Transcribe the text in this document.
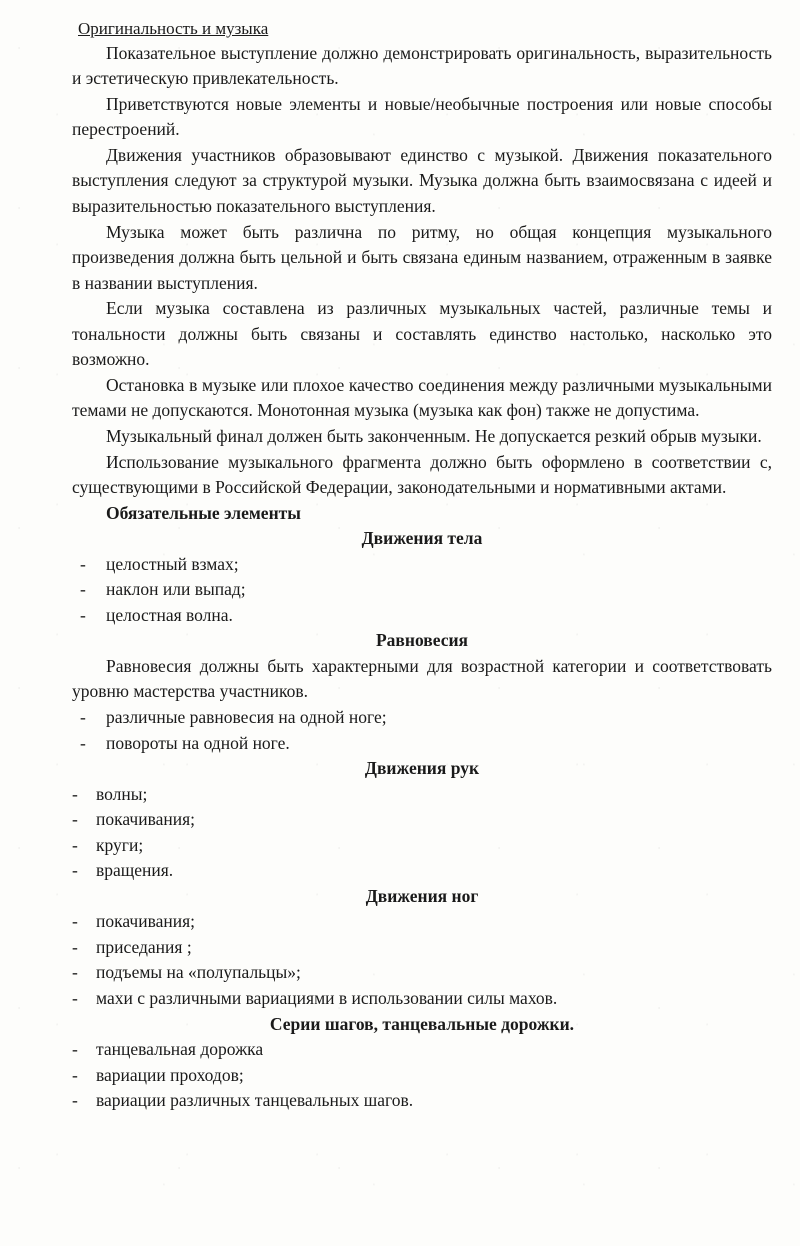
Оригинальность и музыка

Показательное выступление должно демонстрировать оригинальность, выразительность и эстетическую привлекательность.

Приветствуются новые элементы и новые/необычные построения или новые способы перестроений.

Движения участников образовывают единство с музыкой. Движения показательного выступления следуют за структурой музыки. Музыка должна быть взаимосвязана с идеей и выразительностью показательного выступления.

Музыка может быть различна по ритму, но общая концепция музыкального произведения должна быть цельной и быть связана единым названием, отраженным в заявке в названии выступления.

Если музыка составлена из различных музыкальных частей, различные темы и тональности должны быть связаны и составлять единство настолько, насколько это возможно.

Остановка в музыке или плохое качество соединения между различными музыкальными темами не допускаются. Монотонная музыка (музыка как фон) также не допустима.

Музыкальный финал должен быть законченным. Не допускается резкий обрыв музыки.

Использование музыкального фрагмента должно быть оформлено в соответствии с, существующими в Российской Федерации, законодательными и нормативными актами.

Обязательные элементы
Движения тела
- целостный взмах;
- наклон или выпад;
- целостная волна.
Равновесия

Равновесия должны быть характерными для возрастной категории и соответствовать уровню мастерства участников.

- различные равновесия на одной ноге;
- повороты на одной ноге.
Движения рук
- волны;
- покачивания;
- круги;
- вращения.
Движения ног
- покачивания;
- приседания ;
- подъемы на «полупальцы»;
- махи с различными вариациями в использовании силы махов.
Серии шагов, танцевальные дорожки.
- танцевальная дорожка
- вариации проходов;
- вариации различных танцевальных шагов.
